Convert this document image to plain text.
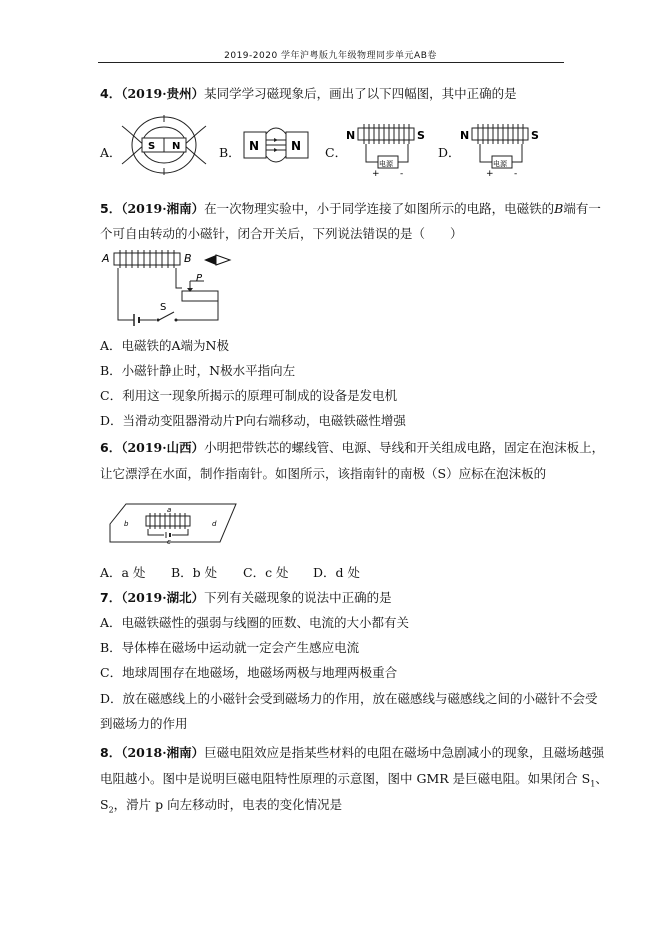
2019-2020 学年沪粤版九年级物理同步单元AB卷
4．（2019·贵州）某同学学习磁现象后，画出了以下四幅图，其中正确的是
A．	B．	C．	D．
S N	N	N
N	S
电源
+ -
N	S
电源
+ -
5．（2019·湘南）在一次物理实验中，小于同学连接了如图所示的电路，电磁铁的B端有一
个可自由转动的小磁针，闭合开关后，下列说法错误的是（　　）
A	B
P
S
A．电磁铁的A端为N极
B．小磁针静止时，N极水平指向左
C．利用这一现象所揭示的原理可制成的设备是发电机
D．当滑动变阻器滑动片P向右端移动，电磁铁磁性增强
6．（2019·山西）小明把带铁芯的螺线管、电源、导线和开关组成电路，固定在泡沫板上，
让它漂浮在水面，制作指南针。如图所示，该指南针的南极（S）应标在泡沫板的
a
b
c
d
A．a 处 B．b 处 C．c 处 D．d 处
7．（2019·湖北）下列有关磁现象的说法中正确的是
A．电磁铁磁性的强弱与线圈的匝数、电流的大小都有关
B．导体棒在磁场中运动就一定会产生感应电流
C．地球周围存在地磁场，地磁场两极与地理两极重合
D．放在磁感线上的小磁针会受到磁场力的作用，放在磁感线与磁感线之间的小磁针不会受
到磁场力的作用
8．（2018·湘南）巨磁电阻效应是指某些材料的电阻在磁场中急剧减小的现象，且磁场越强
电阻越小。图中是说明巨磁电阻特性原理的示意图，图中 GMR 是巨磁电阻。如果闭合 $S_1$、
$S_2$，滑片 p 向左移动时，电表的变化情况是
